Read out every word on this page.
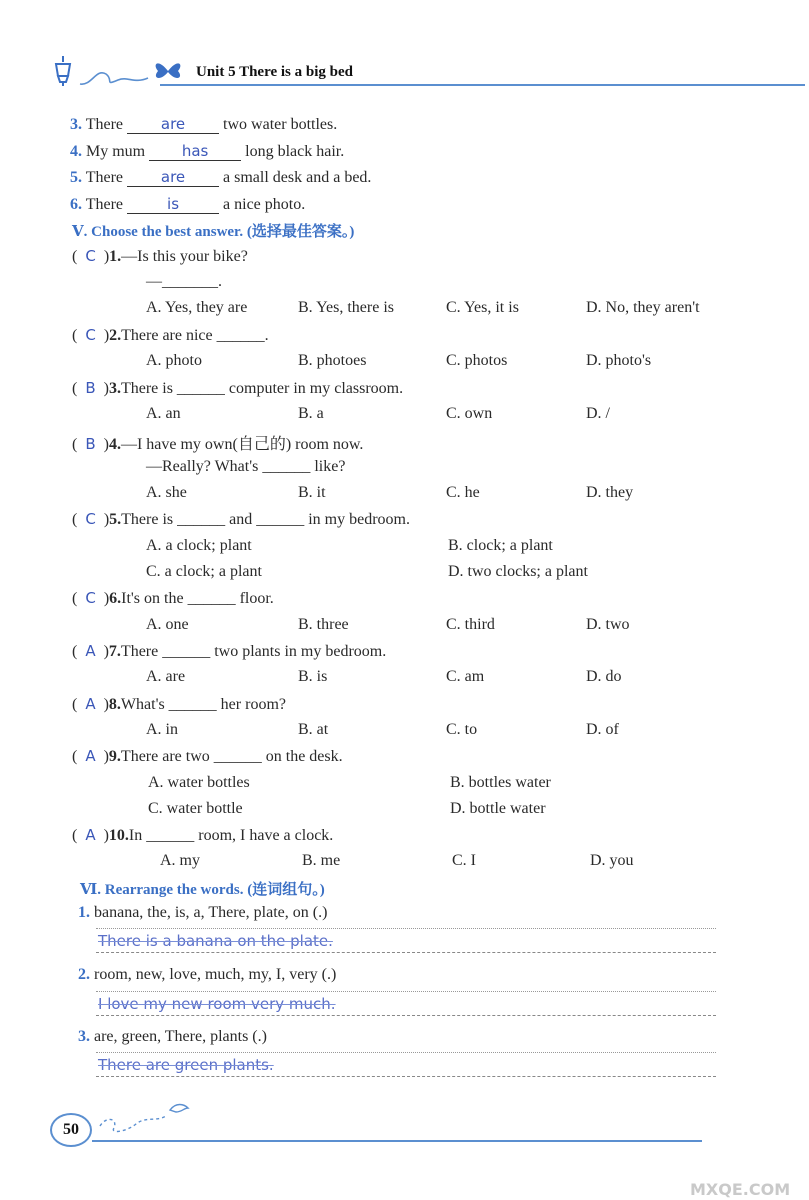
Unit 5 There is a big bed
3. There	are two water bottles.
4. My mum has long black hair.
5. There	are a small desk and a bed.
6. There	is	a nice photo.
Ⅴ. Choose the best answer. (选择最佳答案。)
(  C  )1.—Is this your bike?
—_______.
A. Yes, they are	B. Yes, there is	C. Yes, it is	D. No, they aren't
(  C  )2.There are nice ______.
A. photo	B. photoes	C. photos	D. photo's
(  B  )3.There is ______ computer in my classroom.
A. an	B. a	C. own	D. /
(  B  )4.—I have my own(自己的) room now.
—Really? What's ______ like?
A. she	B. it	C. he	D. they
(  C  )5.There is ______ and ______ in my bedroom.
A. a clock; plant	B. clock; a plant
C. a clock; a plant	D. two clocks; a plant
(  C  )6.It's on the ______ floor.
A. one	B. three	C. third	D. two
(  A  )7.There ______ two plants in my bedroom.
A. are	B. is	C. am	D. do
(  A  )8.What's ______ her room?
A. in	B. at	C. to	D. of
(  A  )9.There are two ______ on the desk.
A. water bottles	B. bottles water
C. water bottle	D. bottle water
(  A  )10.In ______ room, I have a clock.
A. my	B. me	C. I	D. you
Ⅵ. Rearrange the words. (连词组句。)
1. banana, the, is, a, There, plate, on (.)
There is a banana on the plate.
2. room, new, love, much, my, I, very (.)
I love my new room very much.
3. are, green, There, plants (.)
There are green plants.
50
MXQE.COM
